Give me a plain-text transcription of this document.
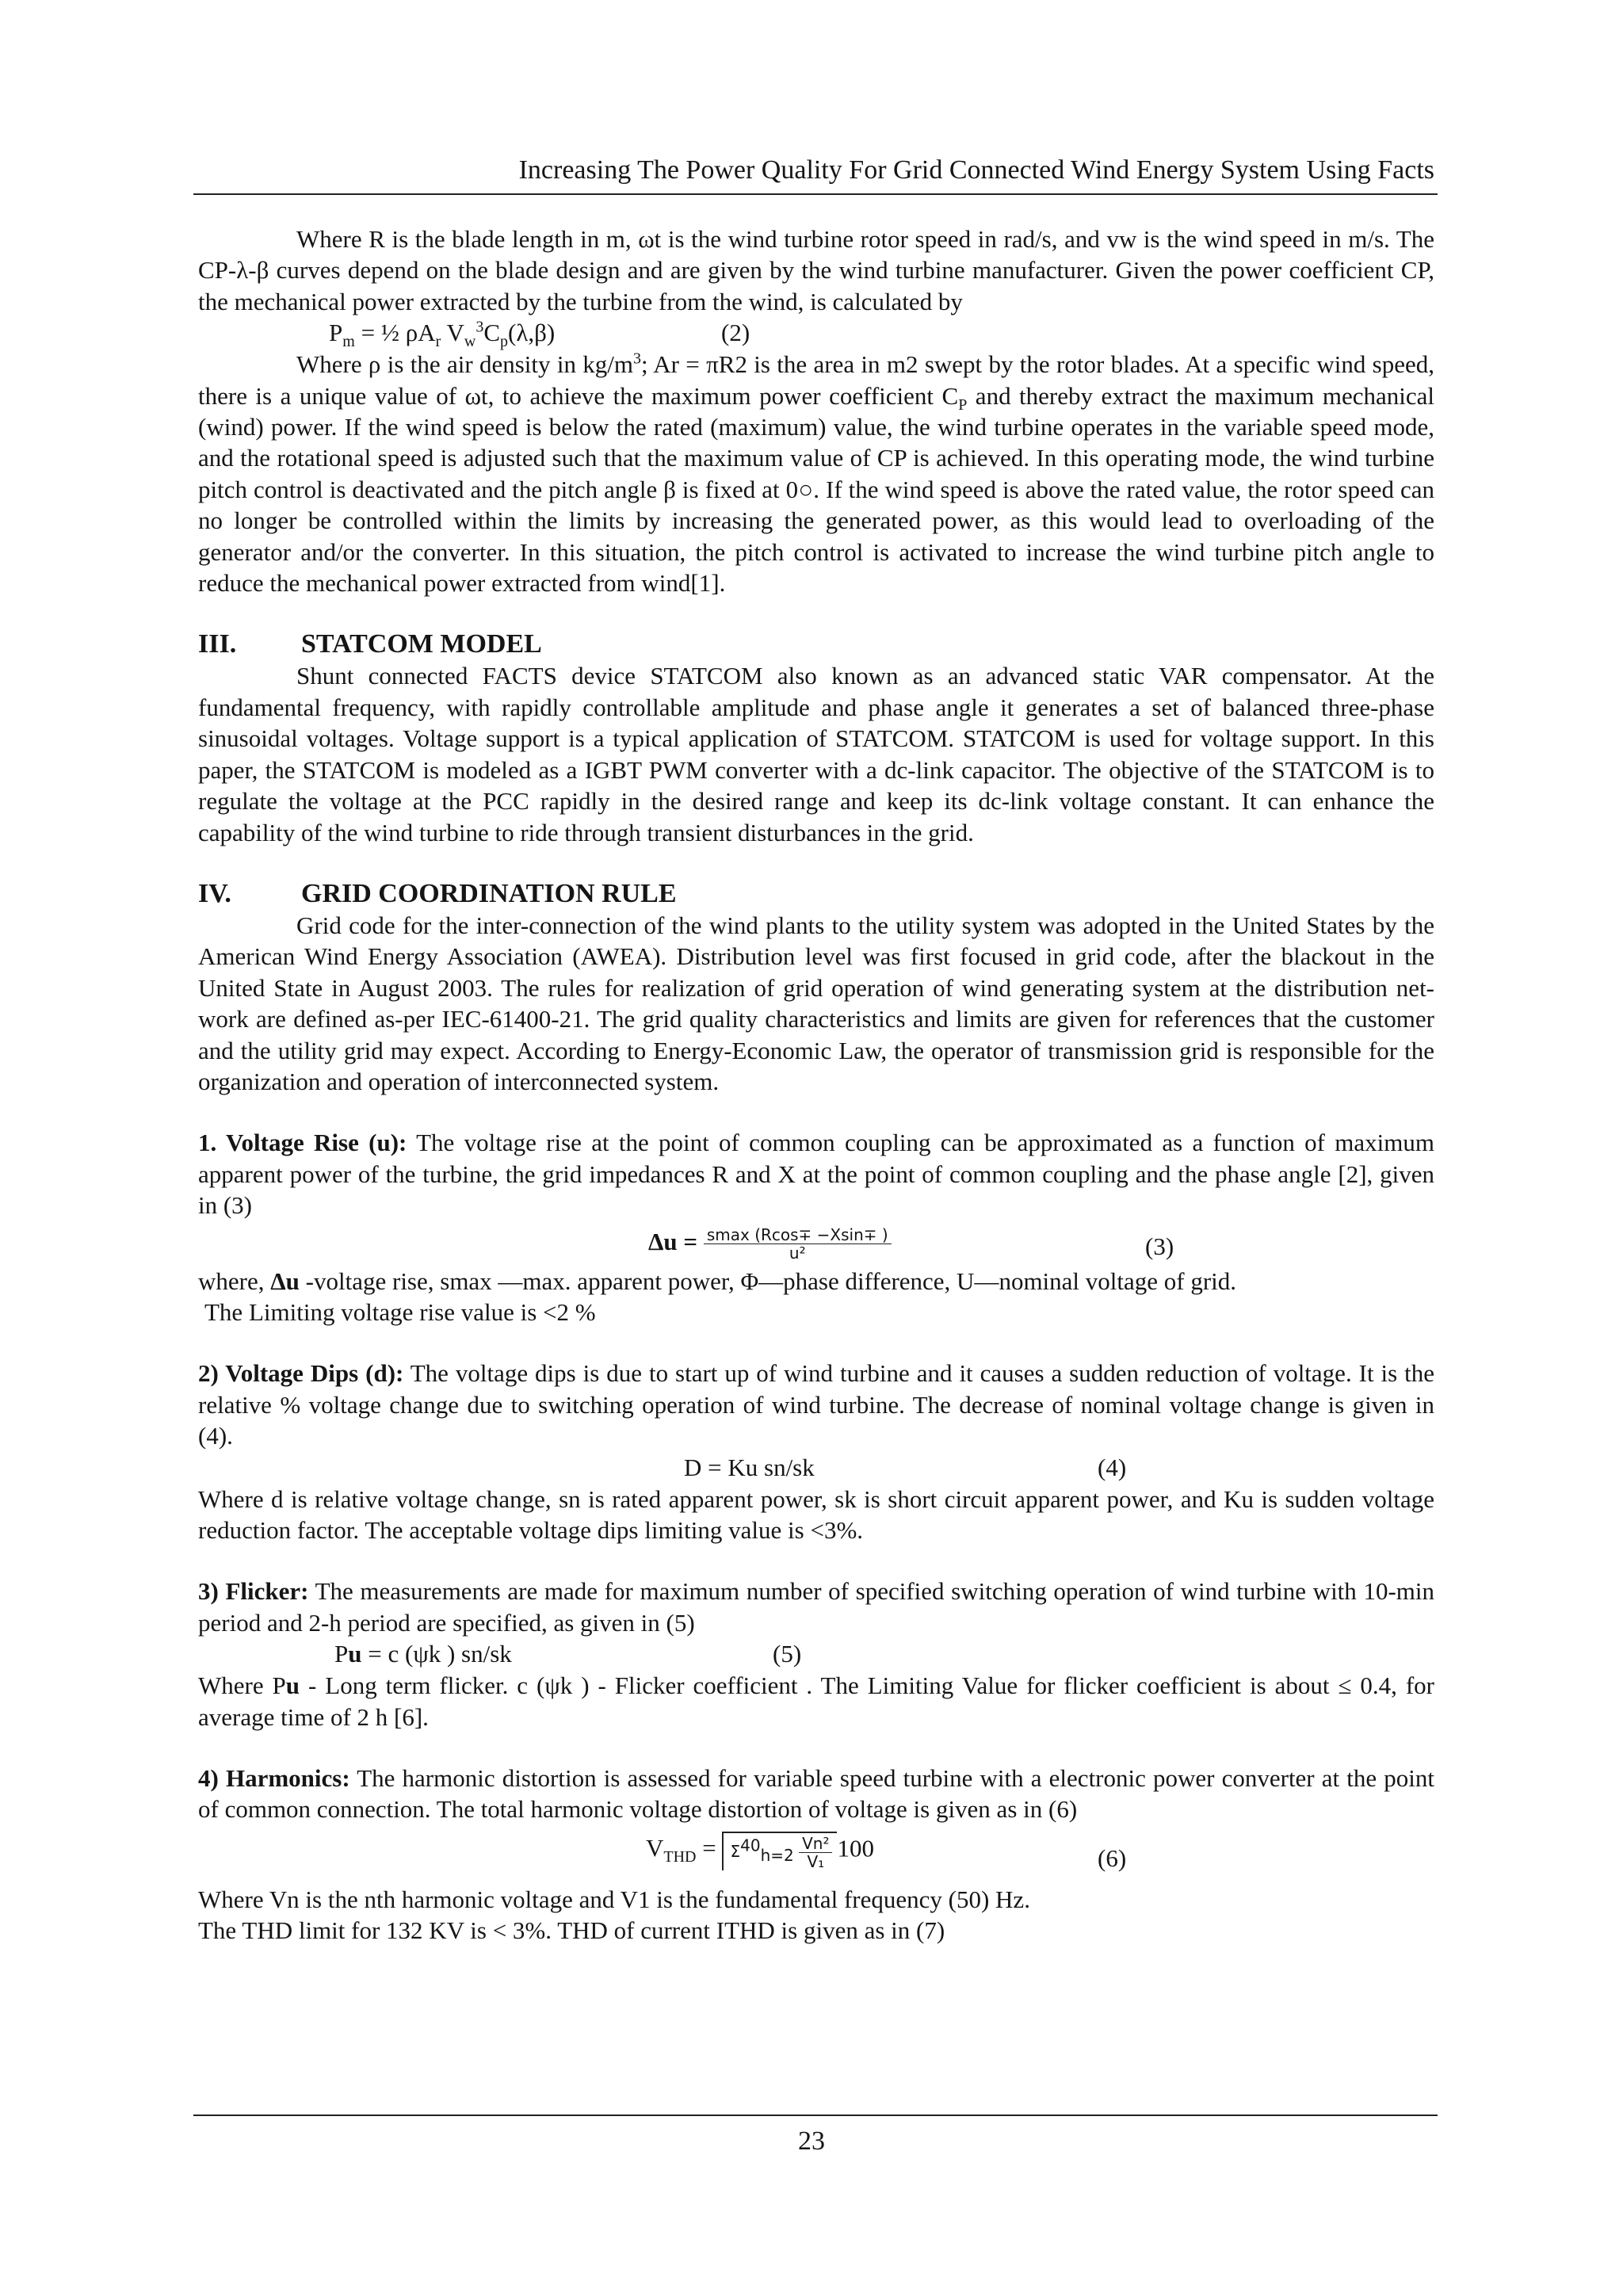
Increasing The Power Quality For Grid Connected Wind Energy System Using Facts

Where R is the blade length in m, ωt is the wind turbine rotor speed in rad/s, and vw is the wind speed in m/s. The CP-λ-β curves depend on the blade design and are given by the wind turbine manufacturer. Given the power coefficient CP, the mechanical power extracted by the turbine from the wind, is calculated by

$P_m$ = ½ $\rho A_r$ $V_w^3C_p(\lambda,\beta)$	(2)

Where ρ is the air density in $kg/m^3$; Ar = πR2 is the area in m2 swept by the rotor blades. At a specific wind speed, there is a unique value of ωt, to achieve the maximum power coefficient $C_P$ and thereby extract the maximum mechanical (wind) power. If the wind speed is below the rated (maximum) value, the wind turbine operates in the variable speed mode, and the rotational speed is adjusted such that the maximum value of CP is achieved. In this operating mode, the wind turbine pitch control is deactivated and the pitch angle β is fixed at 0○. If the wind speed is above the rated value, the rotor speed can no longer be controlled within the limits by increasing the generated power, as this would lead to overloading of the generator and/or the converter. In this situation, the pitch control is activated to increase the wind turbine pitch angle to reduce the mechanical power extracted from wind[1].

III. STATCOM MODEL

Shunt connected FACTS device STATCOM also known as an advanced static VAR compensator. At the fundamental frequency, with rapidly controllable amplitude and phase angle it generates a set of balanced three-phase sinusoidal voltages. Voltage support is a typical application of STATCOM. STATCOM is used for voltage support. In this paper, the STATCOM is modeled as a IGBT PWM converter with a dc-link capacitor. The objective of the STATCOM is to regulate the voltage at the PCC rapidly in the desired range and keep its dc-link voltage constant. It can enhance the capability of the wind turbine to ride through transient disturbances in the grid.

IV.	GRID COORDINATION RULE

Grid code for the inter-connection of the wind plants to the utility system was adopted in the United States by the American Wind Energy Association (AWEA). Distribution level was first focused in grid code, after the blackout in the United State in August 2003. The rules for realization of grid operation of wind generating system at the distribution net-work are defined as-per IEC-61400-21. The grid quality characteristics and limits are given for references that the customer and the utility grid may expect. According to Energy-Economic Law, the operator of transmission grid is responsible for the organization and operation of interconnected system.

1. Voltage Rise (u): The voltage rise at the point of common coupling can be approximated as a function of maximum apparent power of the turbine, the grid impedances R and X at the point of common coupling and the phase angle [2], given in (3)

$\Delta u = \frac{smax (Rcos\mp -Xsin\mp )}{\text{u²}}$	(3)

where, Δu -voltage rise, smax —max. apparent power, Φ—phase difference, U—nominal voltage of grid.

The Limiting voltage rise value is <2 %

2) Voltage Dips (d): The voltage dips is due to start up of wind turbine and it causes a sudden reduction of voltage. It is the relative % voltage change due to switching operation of wind turbine. The decrease of nominal voltage change is given in (4).

D = Ku sn/sk	(4)

Where d is relative voltage change, sn is rated apparent power, sk is short circuit apparent power, and Ku is sudden voltage reduction factor. The acceptable voltage dips limiting value is <3%.

3) Flicker: The measurements are made for maximum number of specified switching operation of wind turbine with 10-min period and 2-h period are specified, as given in (5)

Pu = c (ψk ) sn/sk	(5)

Where Pu - Long term flicker. c (ψk ) - Flicker coefficient . The Limiting Value for flicker coefficient is about ≤ 0.4, for average time of 2 h [6].

4) Harmonics: The harmonic distortion is assessed for variable speed turbine with a electronic power converter at the point of common connection. The total harmonic voltage distortion of voltage is given as in (6)

$V_{THD} = \Sigma^{40}_{h=2} \frac{\text{Vn²}}{\text{V₁}} 100$	(6)

Where Vn is the nth harmonic voltage and V1 is the fundamental frequency (50) Hz.

The THD limit for 132 KV is < 3%. THD of current ITHD is given as in (7)

23
